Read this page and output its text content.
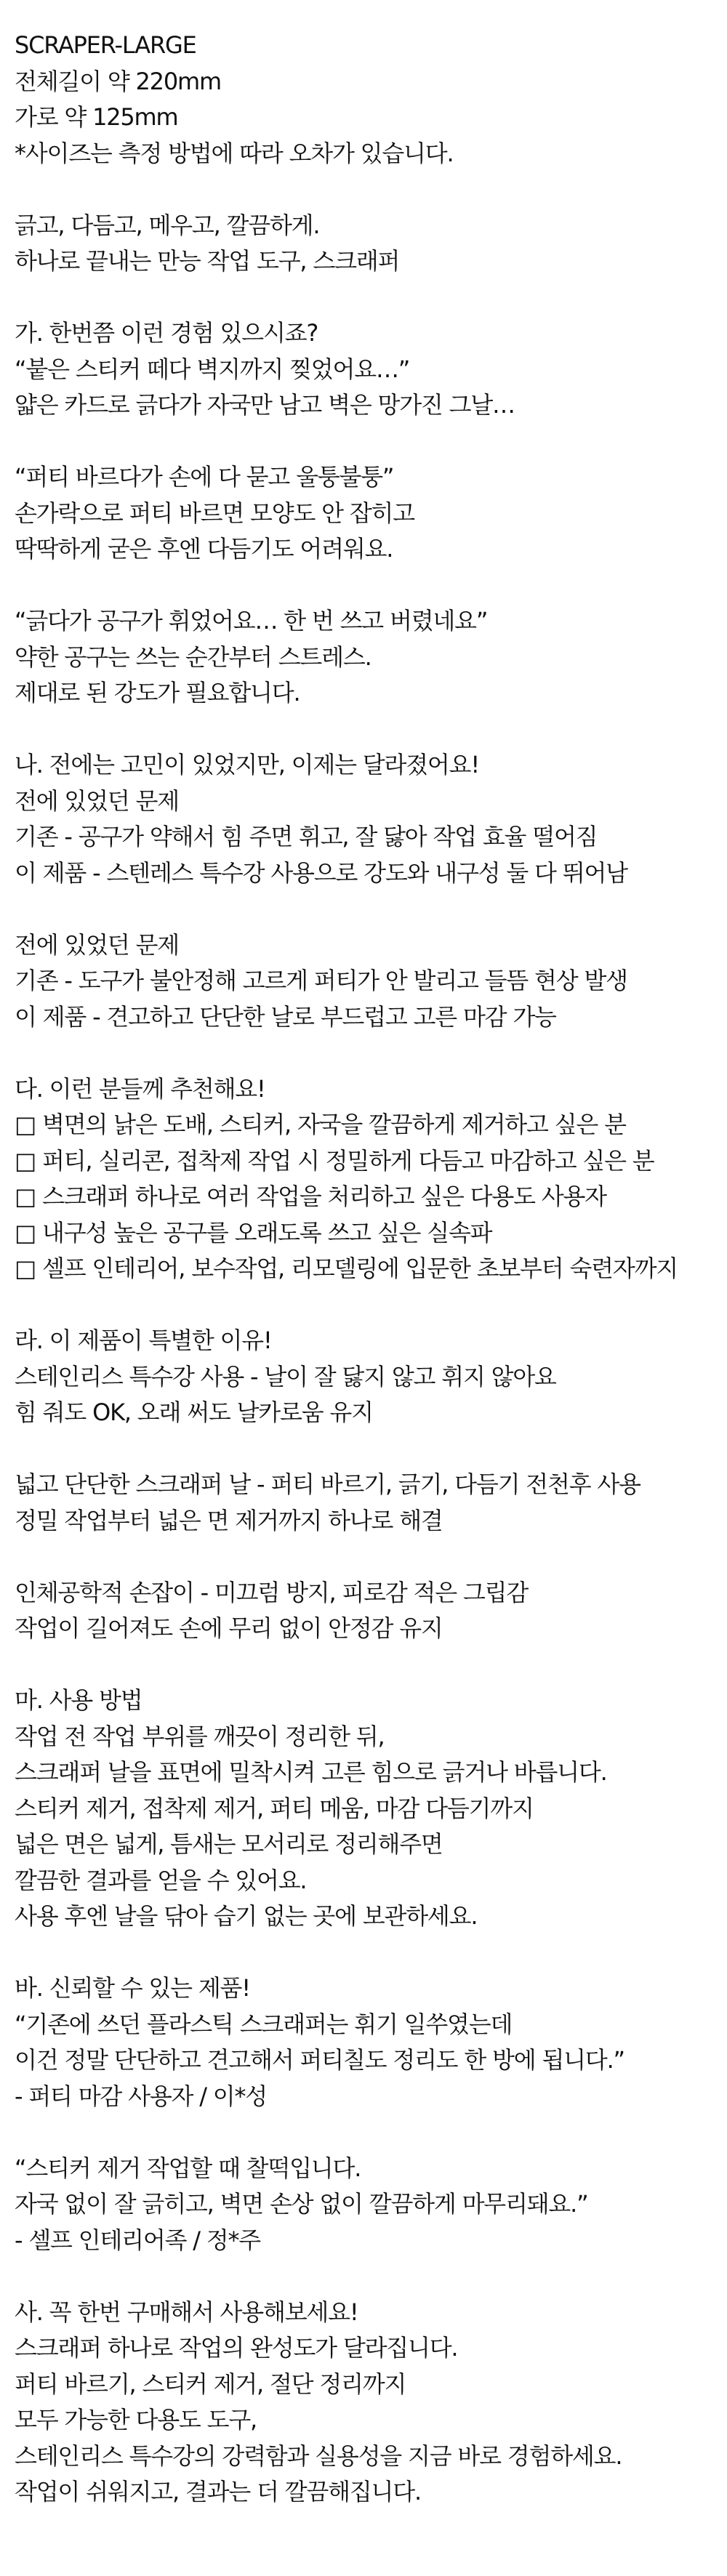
SCRAPER-LARGE
전체길이 약 220mm
가로 약 125mm
*사이즈는 측정 방법에 따라 오차가 있습니다.
긁고, 다듬고, 메우고, 깔끔하게.
하나로 끝내는 만능 작업 도구, 스크래퍼
가. 한번쯤 이런 경험 있으시죠?
“붙은 스티커 떼다 벽지까지 찢었어요…”
얇은 카드로 긁다가 자국만 남고 벽은 망가진 그날…
“퍼티 바르다가 손에 다 묻고 울퉁불퉁”
손가락으로 퍼티 바르면 모양도 안 잡히고
딱딱하게 굳은 후엔 다듬기도 어려워요.
“긁다가 공구가 휘었어요… 한 번 쓰고 버렸네요”
약한 공구는 쓰는 순간부터 스트레스.
제대로 된 강도가 필요합니다.
나. 전에는 고민이 있었지만, 이제는 달라졌어요!
전에 있었던 문제
기존 - 공구가 약해서 힘 주면 휘고, 잘 닳아 작업 효율 떨어짐
이 제품 - 스텐레스 특수강 사용으로 강도와 내구성 둘 다 뛰어남
전에 있었던 문제
기존 - 도구가 불안정해 고르게 퍼티가 안 발리고 들뜸 현상 발생
이 제품 - 견고하고 단단한 날로 부드럽고 고른 마감 가능
다. 이런 분들께 추천해요!
□ 벽면의 낡은 도배, 스티커, 자국을 깔끔하게 제거하고 싶은 분
□ 퍼티, 실리콘, 접착제 작업 시 정밀하게 다듬고 마감하고 싶은 분
□ 스크래퍼 하나로 여러 작업을 처리하고 싶은 다용도 사용자
□ 내구성 높은 공구를 오래도록 쓰고 싶은 실속파
□ 셀프 인테리어, 보수작업, 리모델링에 입문한 초보부터 숙련자까지
라. 이 제품이 특별한 이유!
스테인리스 특수강 사용 - 날이 잘 닳지 않고 휘지 않아요
힘 줘도 OK, 오래 써도 날카로움 유지
넓고 단단한 스크래퍼 날 - 퍼티 바르기, 긁기, 다듬기 전천후 사용
정밀 작업부터 넓은 면 제거까지 하나로 해결
인체공학적 손잡이 - 미끄럼 방지, 피로감 적은 그립감
작업이 길어져도 손에 무리 없이 안정감 유지
마. 사용 방법
작업 전 작업 부위를 깨끗이 정리한 뒤,
스크래퍼 날을 표면에 밀착시켜 고른 힘으로 긁거나 바릅니다.
스티커 제거, 접착제 제거, 퍼티 메움, 마감 다듬기까지
넓은 면은 넓게, 틈새는 모서리로 정리해주면
깔끔한 결과를 얻을 수 있어요.
사용 후엔 날을 닦아 습기 없는 곳에 보관하세요.
바. 신뢰할 수 있는 제품!
“기존에 쓰던 플라스틱 스크래퍼는 휘기 일쑤였는데
이건 정말 단단하고 견고해서 퍼티칠도 정리도 한 방에 됩니다.”
- 퍼티 마감 사용자 / 이*성
“스티커 제거 작업할 때 찰떡입니다.
자국 없이 잘 긁히고, 벽면 손상 없이 깔끔하게 마무리돼요.”
- 셀프 인테리어족 / 정*주
사. 꼭 한번 구매해서 사용해보세요!
스크래퍼 하나로 작업의 완성도가 달라집니다.
퍼티 바르기, 스티커 제거, 절단 정리까지
모두 가능한 다용도 도구,
스테인리스 특수강의 강력함과 실용성을 지금 바로 경험하세요.
작업이 쉬워지고, 결과는 더 깔끔해집니다.
